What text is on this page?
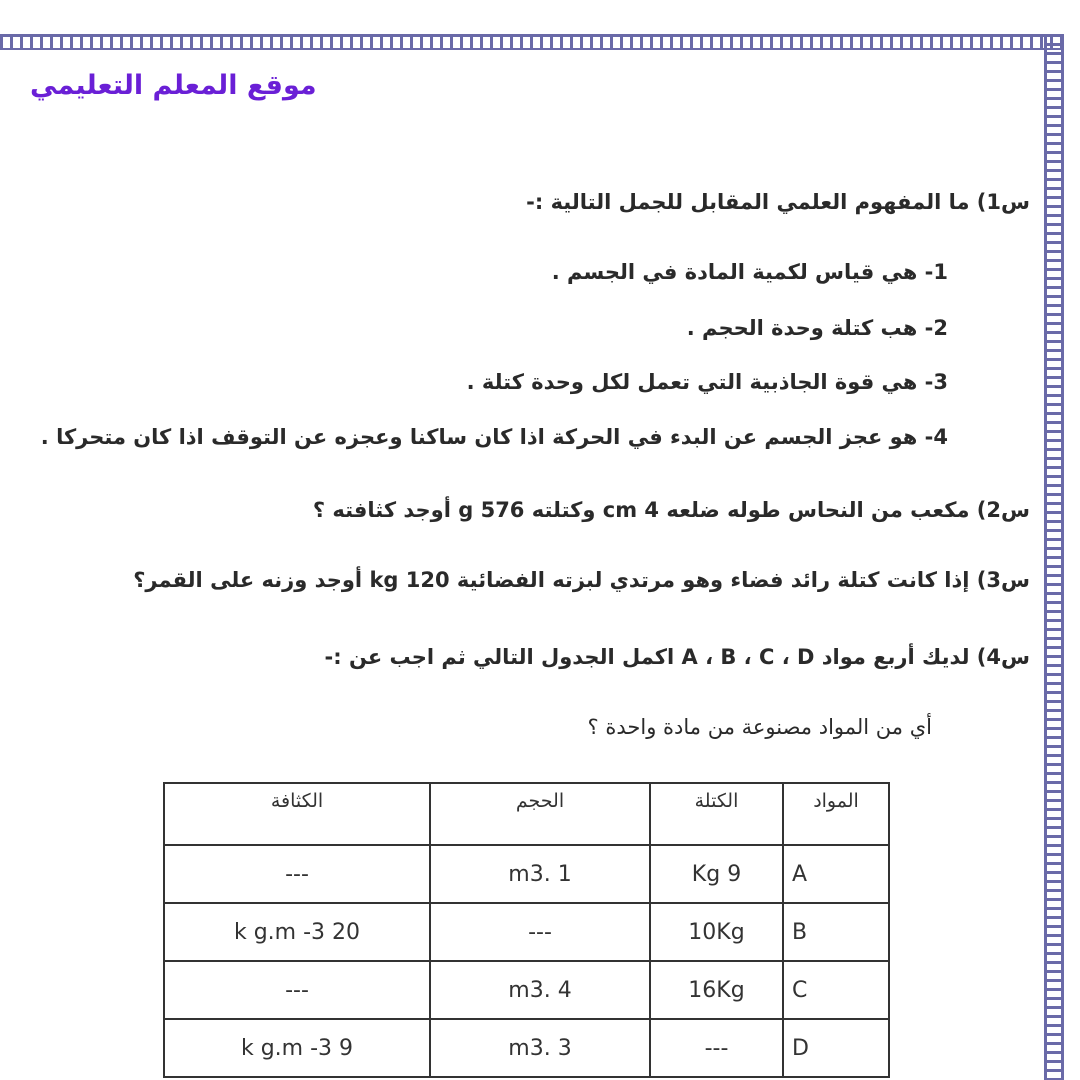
موقع المعلم التعليمي
س1) ما المفهوم العلمي المقابل للجمل التالية :-
1- هي قياس لكمية المادة في الجسم .
2- هب كتلة وحدة الحجم .
3- هي قوة الجاذبية التي تعمل لكل وحدة كتلة .
4- هو عجز الجسم عن البدء في الحركة اذا كان ساكنا وعجزه عن التوقف اذا كان متحركا .
س2) مكعب من النحاس طوله ضلعه 4 cm وكتلته 576 g أوجد كثافته ؟
س3) إذا كانت كتلة رائد فضاء وهو مرتدي لبزته الفضائية 120 kg أوجد وزنه على القمر؟
س4) لديك أربع مواد A ، B ، C ، D اكمل الجدول التالي ثم اجب عن :-
أي من المواد مصنوعة من مادة واحدة ؟
المواد	الكتلة	الحجم	الكثافة
A	9 Kg	1 .m3	---
B	10Kg	---	20 k g.m -3
C	16Kg	4 .m3	---
D	---	3 .m3	9 k g.m -3
